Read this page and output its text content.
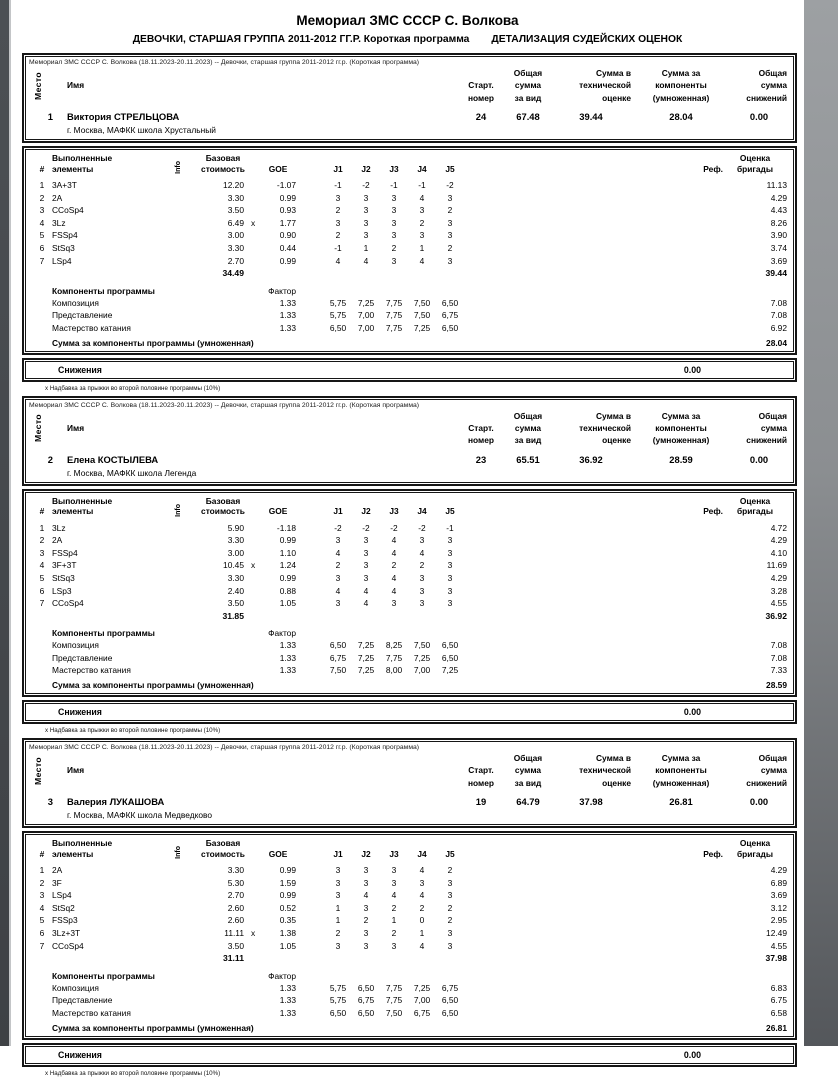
Мемориал ЗМС СССР С. Волкова
ДЕВОЧКИ, СТАРШАЯ ГРУППА 2011-2012 ГГ.Р. Короткая программа ДЕТАЛИЗАЦИЯ СУДЕЙСКИХ ОЦЕНОК
Мемориал ЗМС СССР С. Волкова (18.11.2023-20.11.2023) -- Девочки, старшая группа 2011-2012 гг.р. (Короткая программа)
Место	Имя	Старт.
номер
Общая
сумма
за вид
Сумма в
технической
оценке
Сумма за
компоненты
(умноженная)
Общая
сумма
снижений
1	Виктория СТРЕЛЬЦОВА	24	67.48	39.44	28.04	0.00
г. Москва, МАФКК школа Хрустальный
#
Выполненные
элементы	Info
Базовая
стоимость	GOE	J1	J2	J3	J4	J5	Реф.
Оценка
бригады
1 3A+3T	12.20	-1.07	-1	-2	-1	-1	-2	11.13
2 2A	3.30	0.99	3	3	3	4	3	4.29
3 CCoSp4	3.50	0.93	2	3	3	3	2	4.43
4 3Lz	6.49 x	1.77	3	3	3	2	3	8.26
5 FSSp4	3.00	0.90	2	3	3	3	3	3.90
6 StSq3	3.30	0.44	-1	1	2	1	2	3.74
7 LSp4	2.70	0.99	4	4	3	4	3	3.69
34.49	39.44
Компоненты программы	Фактор
Композиция	1.33	5,75	7,25	7,75	7,50	6,50	7.08
Представление	1.33	5,75	7,00	7,75	7,50	6,75	7.08
Мастерство катания	1.33	6,50	7,00	7,75	7,25	6,50	6.92
Сумма за компоненты программы (умноженная)	28.04
Снижения	0.00
х Надбавка за прыжки во второй половине программы (10%)
Мемориал ЗМС СССР С. Волкова (18.11.2023-20.11.2023) -- Девочки, старшая группа 2011-2012 гг.р. (Короткая программа)
Место	Имя	Старт.
номер
Общая
сумма
за вид
Сумма в
технической
оценке
Сумма за
компоненты
(умноженная)
Общая
сумма
снижений
2	Елена КОСТЫЛЕВА	23	65.51	36.92	28.59	0.00
г. Москва, МАФКК школа Легенда
#
Выполненные
элементы	Info
Базовая
стоимость	GOE	J1	J2	J3	J4	J5	Реф.
Оценка
бригады
1 3Lz	5.90	-1.18	-2	-2	-2	-2	-1	4.72
2 2A	3.30	0.99	3	3	4	3	3	4.29
3 FSSp4	3.00	1.10	4	3	4	4	3	4.10
4 3F+3T	10.45 x	1.24	2	3	2	2	3	11.69
5 StSq3	3.30	0.99	3	3	4	3	3	4.29
6 LSp3	2.40	0.88	4	4	4	3	3	3.28
7 CCoSp4	3.50	1.05	3	4	3	3	3	4.55
31.85	36.92
Компоненты программы	Фактор
Композиция	1.33	6,50	7,25	8,25	7,50	6,50	7.08
Представление	1.33	6,75	7,25	7,75	7,25	6,50	7.08
Мастерство катания	1.33	7,50	7,25	8,00	7,00	7,25	7.33
Сумма за компоненты программы (умноженная)	28.59
Снижения	0.00
х Надбавка за прыжки во второй половине программы (10%)
Мемориал ЗМС СССР С. Волкова (18.11.2023-20.11.2023) -- Девочки, старшая группа 2011-2012 гг.р. (Короткая программа)
Место	Имя	Старт.
номер
Общая
сумма
за вид
Сумма в
технической
оценке
Сумма за
компоненты
(умноженная)
Общая
сумма
снижений
3	Валерия ЛУКАШОВА	19	64.79	37.98	26.81	0.00
г. Москва, МАФКК школа Медведково
#
Выполненные
элементы	Info
Базовая
стоимость	GOE	J1	J2	J3	J4	J5	Реф.
Оценка
бригады
1 2A	3.30	0.99	3	3	3	4	2	4.29
2 3F	5.30	1.59	3	3	3	3	3	6.89
3 LSp4	2.70	0.99	3	4	4	4	3	3.69
4 StSq2	2.60	0.52	1	3	2	2	2	3.12
5 FSSp3	2.60	0.35	1	2	1	0	2	2.95
6 3Lz+3T	11.11 x	1.38	2	3	2	1	3	12.49
7 CCoSp4	3.50	1.05	3	3	3	4	3	4.55
31.11	37.98
Компоненты программы	Фактор
Композиция	1.33	5,75	6,50	7,75	7,25	6,75	6.83
Представление	1.33	5,75	6,75	7,75	7,00	6,50	6.75
Мастерство катания	1.33	6,50	6,50	7,50	6,75	6,50	6.58
Сумма за компоненты программы (умноженная)	26.81
Снижения	0.00
х Надбавка за прыжки во второй половине программы (10%)
